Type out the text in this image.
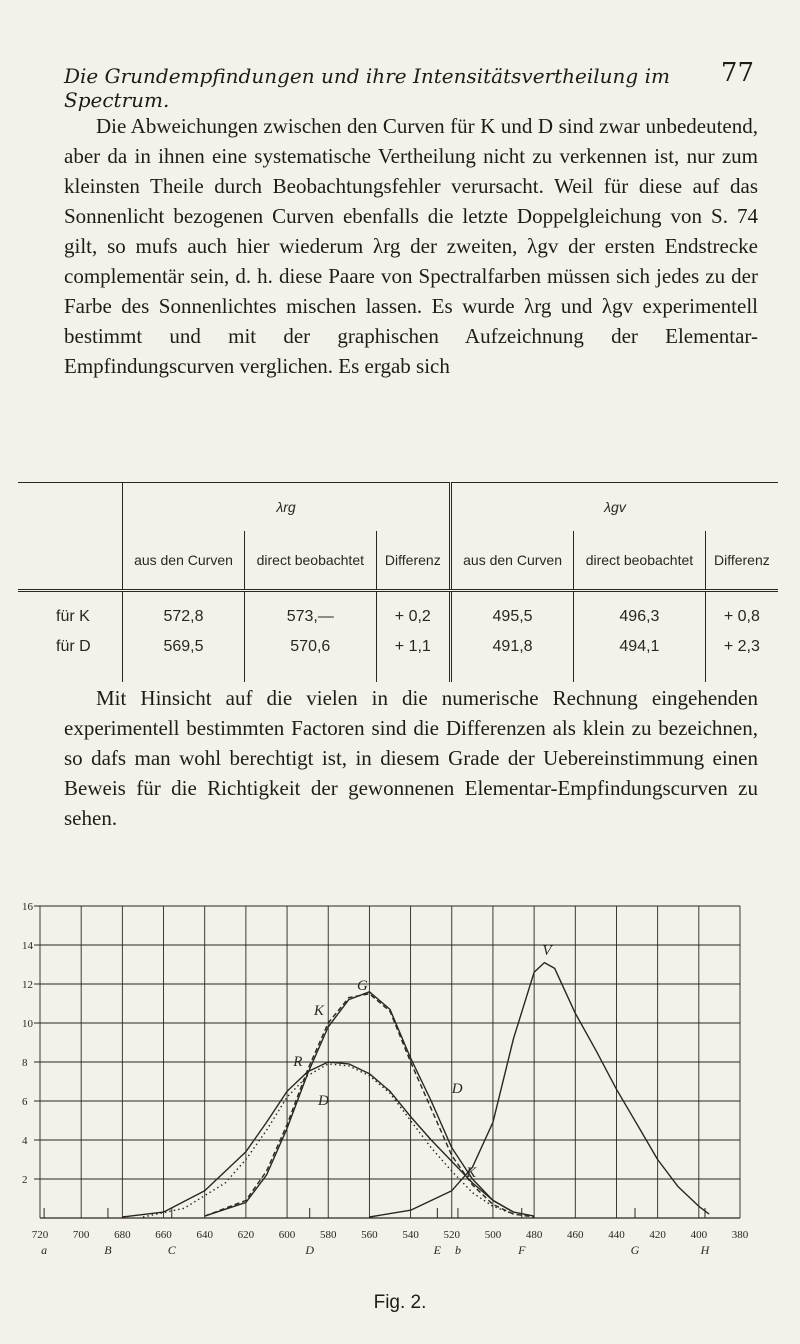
Die Grundempfindungen und ihre Intensitätsvertheilung im Spectrum.
77
Die Abweichungen zwischen den Curven für K und D sind zwar unbedeutend, aber da in ihnen eine systematische Vertheilung nicht zu verkennen ist, nur zum kleinsten Theile durch Beobachtungsfehler verursacht. Weil für diese auf das Sonnenlicht bezogenen Curven ebenfalls die letzte Doppelgleichung von S. 74 gilt, so mufs auch hier wiederum λrg der zweiten, λgv der ersten Endstrecke complementär sein, d. h. diese Paare von Spectralfarben müssen sich jedes zu der Farbe des Sonnenlichtes mischen lassen. Es wurde λrg und λgv experimentell bestimmt und mit der graphischen Aufzeichnung der Elementar-Empfindungscurven verglichen. Es ergab sich
	λrg			λgv		
	aus den Curven	direct beobachtet	Differenz	aus den Curven	direct beobachtet	Differenz
für K	572,8	573,—	+ 0,2	495,5	496,3	+ 0,8
für D	569,5	570,6	+ 1,1	491,8	494,1	+ 2,3
Mit Hinsicht auf die vielen in die numerische Rechnung eingehenden experimentell bestimmten Factoren sind die Differenzen als klein zu bezeichnen, so dafs man wohl berechtigt ist, in diesem Grade der Uebereinstimmung einen Beweis für die Richtigkeit der gewonnenen Elementar-Empfindungscurven zu sehen.
2
4
6
8
10
12
14
16
720 700 680 660 640 620 600 580 560 540 520 500 480 460 440 420 400 380
a	B	C	D	E b	F	G	H
R
K
G
D
D
K
V
Fig. 2.
